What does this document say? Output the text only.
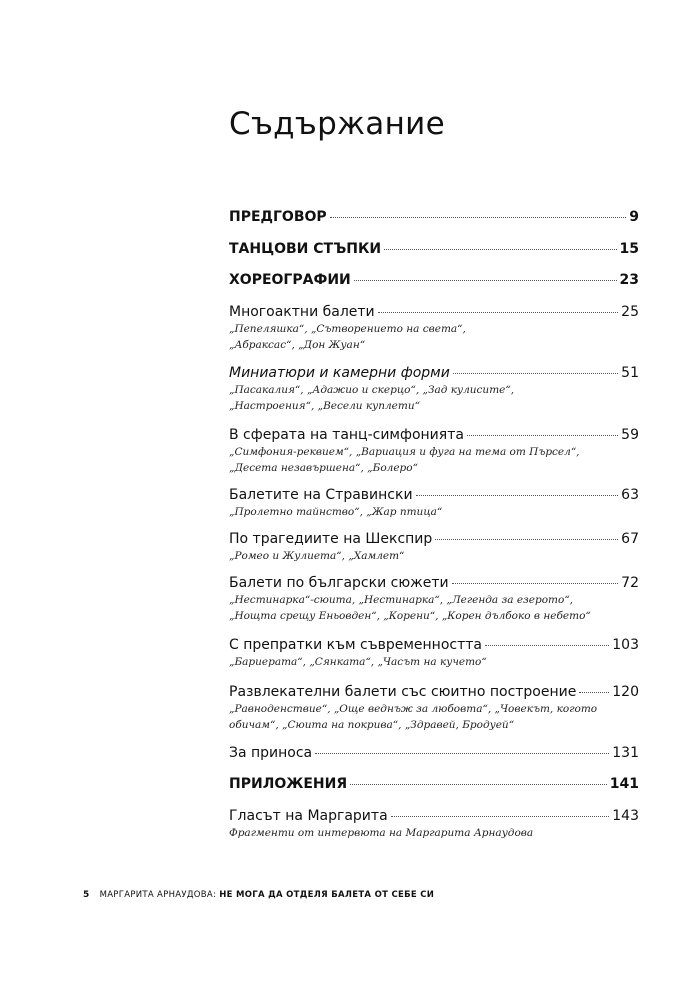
Съдържание
ПРЕДГОВОР	9
ТАНЦОВИ СТЪПКИ	15
ХОРЕОГРАФИИ	23
Многоактни балети	25
„Пепеляшка“, „Сътворението на света“,
„Абраксас“, „Дон Жуан“
Миниатюри и камерни форми	51
„Пасакалия“, „Адажио и скерцо“, „Зад кулисите“,
„Настроения“, „Весели куплети“
В сферата на танц-симфонията	59
„Симфония-реквием“, „Вариация и фуга на тема от Пърсел“,
„Десета незавършена“, „Болеро“
Балетите на Стравински	63
„Пролетно тайнство“, „Жар птица“
По трагедиите на Шекспир	67
„Ромео и Жулиета“, „Хамлет“
Балети по български сюжети	72
„Нестинарка“-сюита, „Нестинарка“, „Легенда за езерото“,
„Нощта срещу Еньовден“, „Корени“, „Корен дълбоко в небето“
С препратки към съвременността	103
„Бариерата“, „Сянката“, „Часът на кучето“
Развлекателни балети със сюитно построение	120
„Равноденствие“, „Още веднъж за любовта“, „Човекът, когото
обичам“, „Сюита на покрива“, „Здравей, Бродуей“
За приноса	131
ПРИЛОЖЕНИЯ	141
Гласът на Маргарита	143
Фрагменти от интервюта на Маргарита Арнаудова
5 МАРГАРИТА АРНАУДОВА: НЕ МОГА ДА ОТДЕЛЯ БАЛЕТА ОТ СЕБЕ СИ
